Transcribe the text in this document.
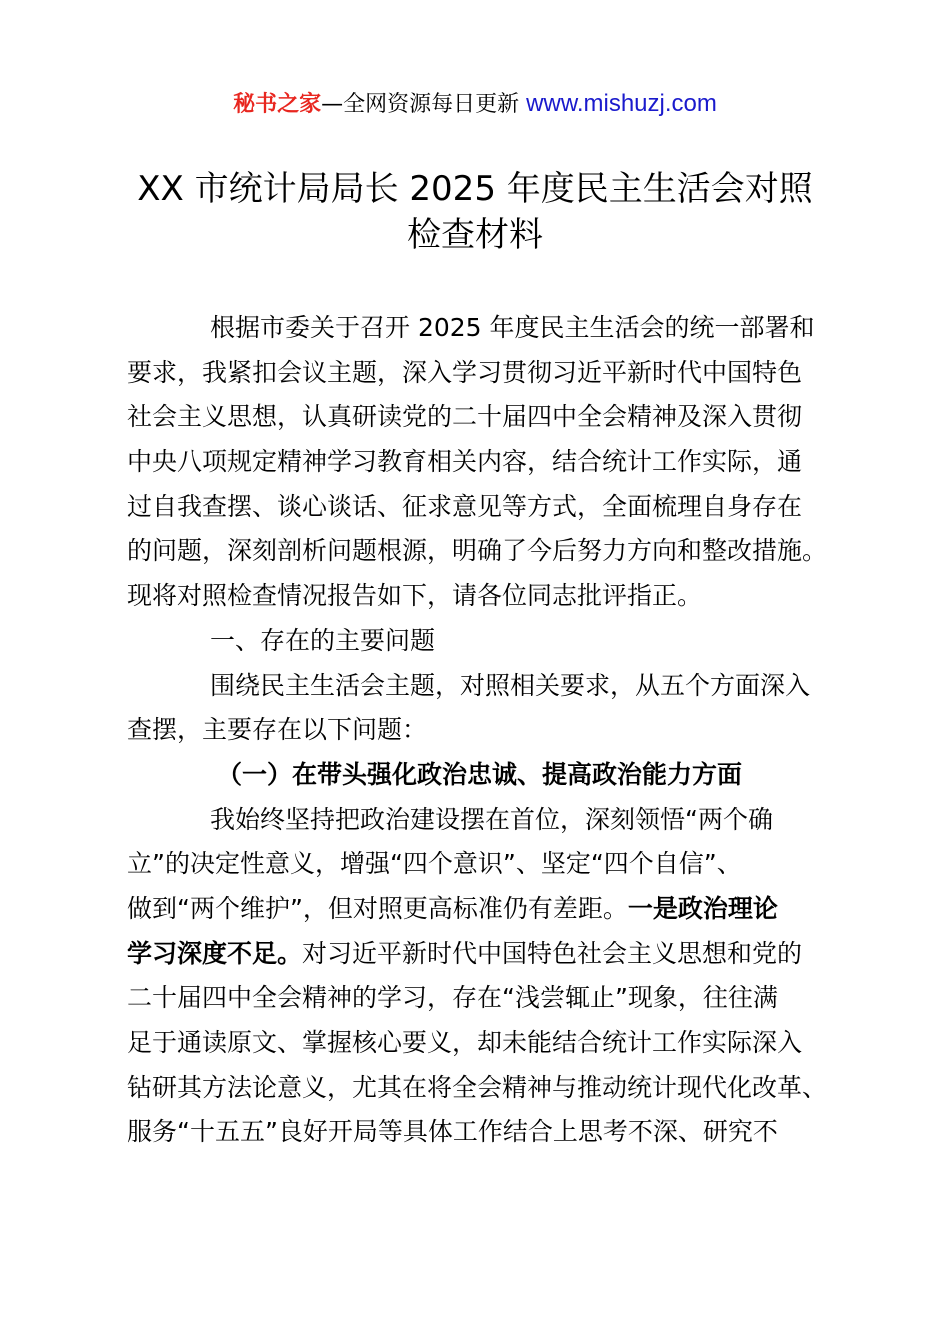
秘书之家—全网资源每日更新 www.mishuzj.com
XX 市统计局局长 2025 年度民主生活会对照
检查材料
根据市委关于召开 2025 年度民主生活会的统一部署和
要求，我紧扣会议主题，深入学习贯彻习近平新时代中国特色
社会主义思想，认真研读党的二十届四中全会精神及深入贯彻
中央八项规定精神学习教育相关内容，结合统计工作实际，通
过自我查摆、谈心谈话、征求意见等方式，全面梳理自身存在
的问题，深刻剖析问题根源，明确了今后努力方向和整改措施。
现将对照检查情况报告如下，请各位同志批评指正。
一、存在的主要问题
围绕民主生活会主题，对照相关要求，从五个方面深入
查摆，主要存在以下问题：
（一）在带头强化政治忠诚、提高政治能力方面
我始终坚持把政治建设摆在首位，深刻领悟“两个确
立”的决定性意义，增强“四个意识”、坚定“四个自信”、
做到“两个维护”，但对照更高标准仍有差距。一是政治理论
学习深度不足。对习近平新时代中国特色社会主义思想和党的
二十届四中全会精神的学习，存在“浅尝辄止”现象，往往满
足于通读原文、掌握核心要义，却未能结合统计工作实际深入
钻研其方法论意义，尤其在将全会精神与推动统计现代化改革、
服务“十五五”良好开局等具体工作结合上思考不深、研究不
